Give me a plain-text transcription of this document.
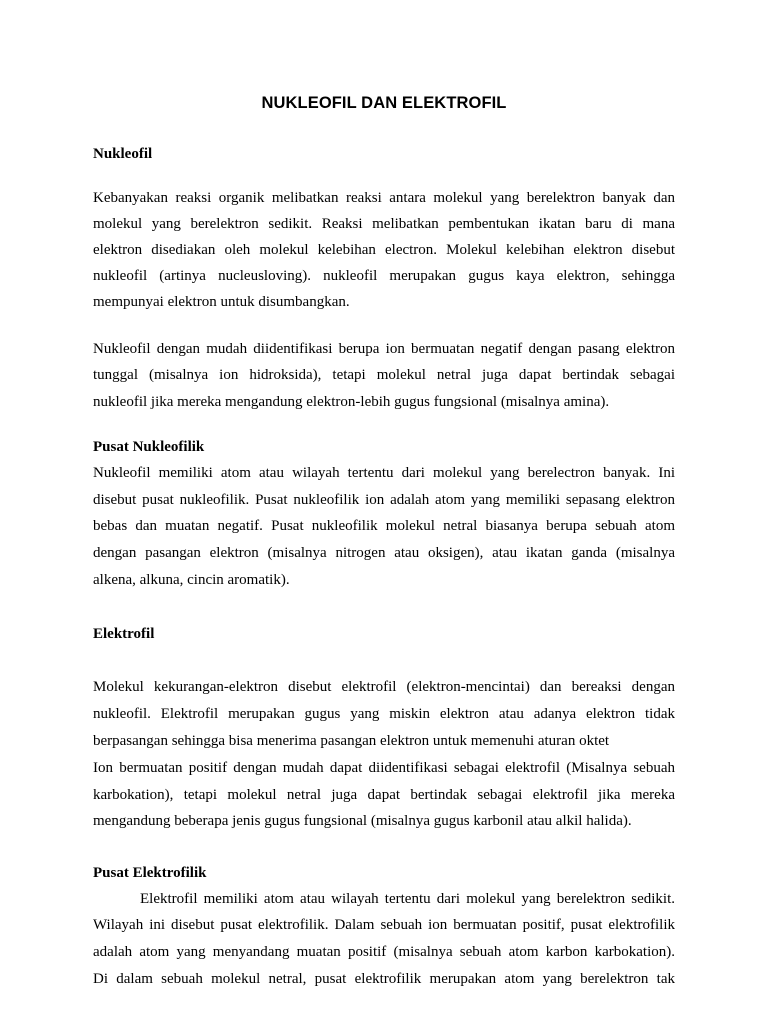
NUKLEOFIL DAN ELEKTROFIL
Nukleofil
Kebanyakan reaksi organik melibatkan reaksi antara molekul yang berelektron banyak dan
molekul yang berelektron sedikit. Reaksi melibatkan pembentukan ikatan baru di mana
elektron disediakan oleh molekul kelebihan electron. Molekul kelebihan elektron disebut
nukleofil (artinya nucleusloving). nukleofil merupakan gugus kaya elektron, sehingga
mempunyai elektron untuk disumbangkan.
Nukleofil dengan mudah diidentifikasi berupa ion bermuatan negatif dengan pasang elektron
tunggal (misalnya ion hidroksida), tetapi molekul netral juga dapat bertindak sebagai
nukleofil jika mereka mengandung elektron-lebih gugus fungsional (misalnya amina).
Pusat Nukleofilik
Nukleofil memiliki atom atau wilayah tertentu dari molekul yang berelectron banyak. Ini
disebut pusat nukleofilik. Pusat nukleofilik ion adalah atom yang memiliki sepasang elektron
bebas dan muatan negatif. Pusat nukleofilik molekul netral biasanya berupa sebuah atom
dengan pasangan elektron (misalnya nitrogen atau oksigen), atau ikatan ganda (misalnya
alkena, alkuna, cincin aromatik).
Elektrofil
Molekul kekurangan-elektron disebut elektrofil (elektron-mencintai) dan bereaksi dengan
nukleofil. Elektrofil merupakan gugus yang miskin elektron atau adanya elektron tidak
berpasangan sehingga bisa menerima pasangan elektron untuk memenuhi aturan oktet
Ion bermuatan positif dengan mudah dapat diidentifikasi sebagai elektrofil (Misalnya sebuah
karbokation), tetapi molekul netral juga dapat bertindak sebagai elektrofil jika mereka
mengandung beberapa jenis gugus fungsional (misalnya gugus karbonil atau alkil halida).
Pusat Elektrofilik
Elektrofil memiliki atom atau wilayah tertentu dari molekul yang berelektron sedikit.
Wilayah ini disebut pusat elektrofilik. Dalam sebuah ion bermuatan positif, pusat elektrofilik
adalah atom yang menyandang muatan positif (misalnya sebuah atom karbon karbokation).
Di dalam sebuah molekul netral, pusat elektrofilik merupakan atom yang berelektron tak
